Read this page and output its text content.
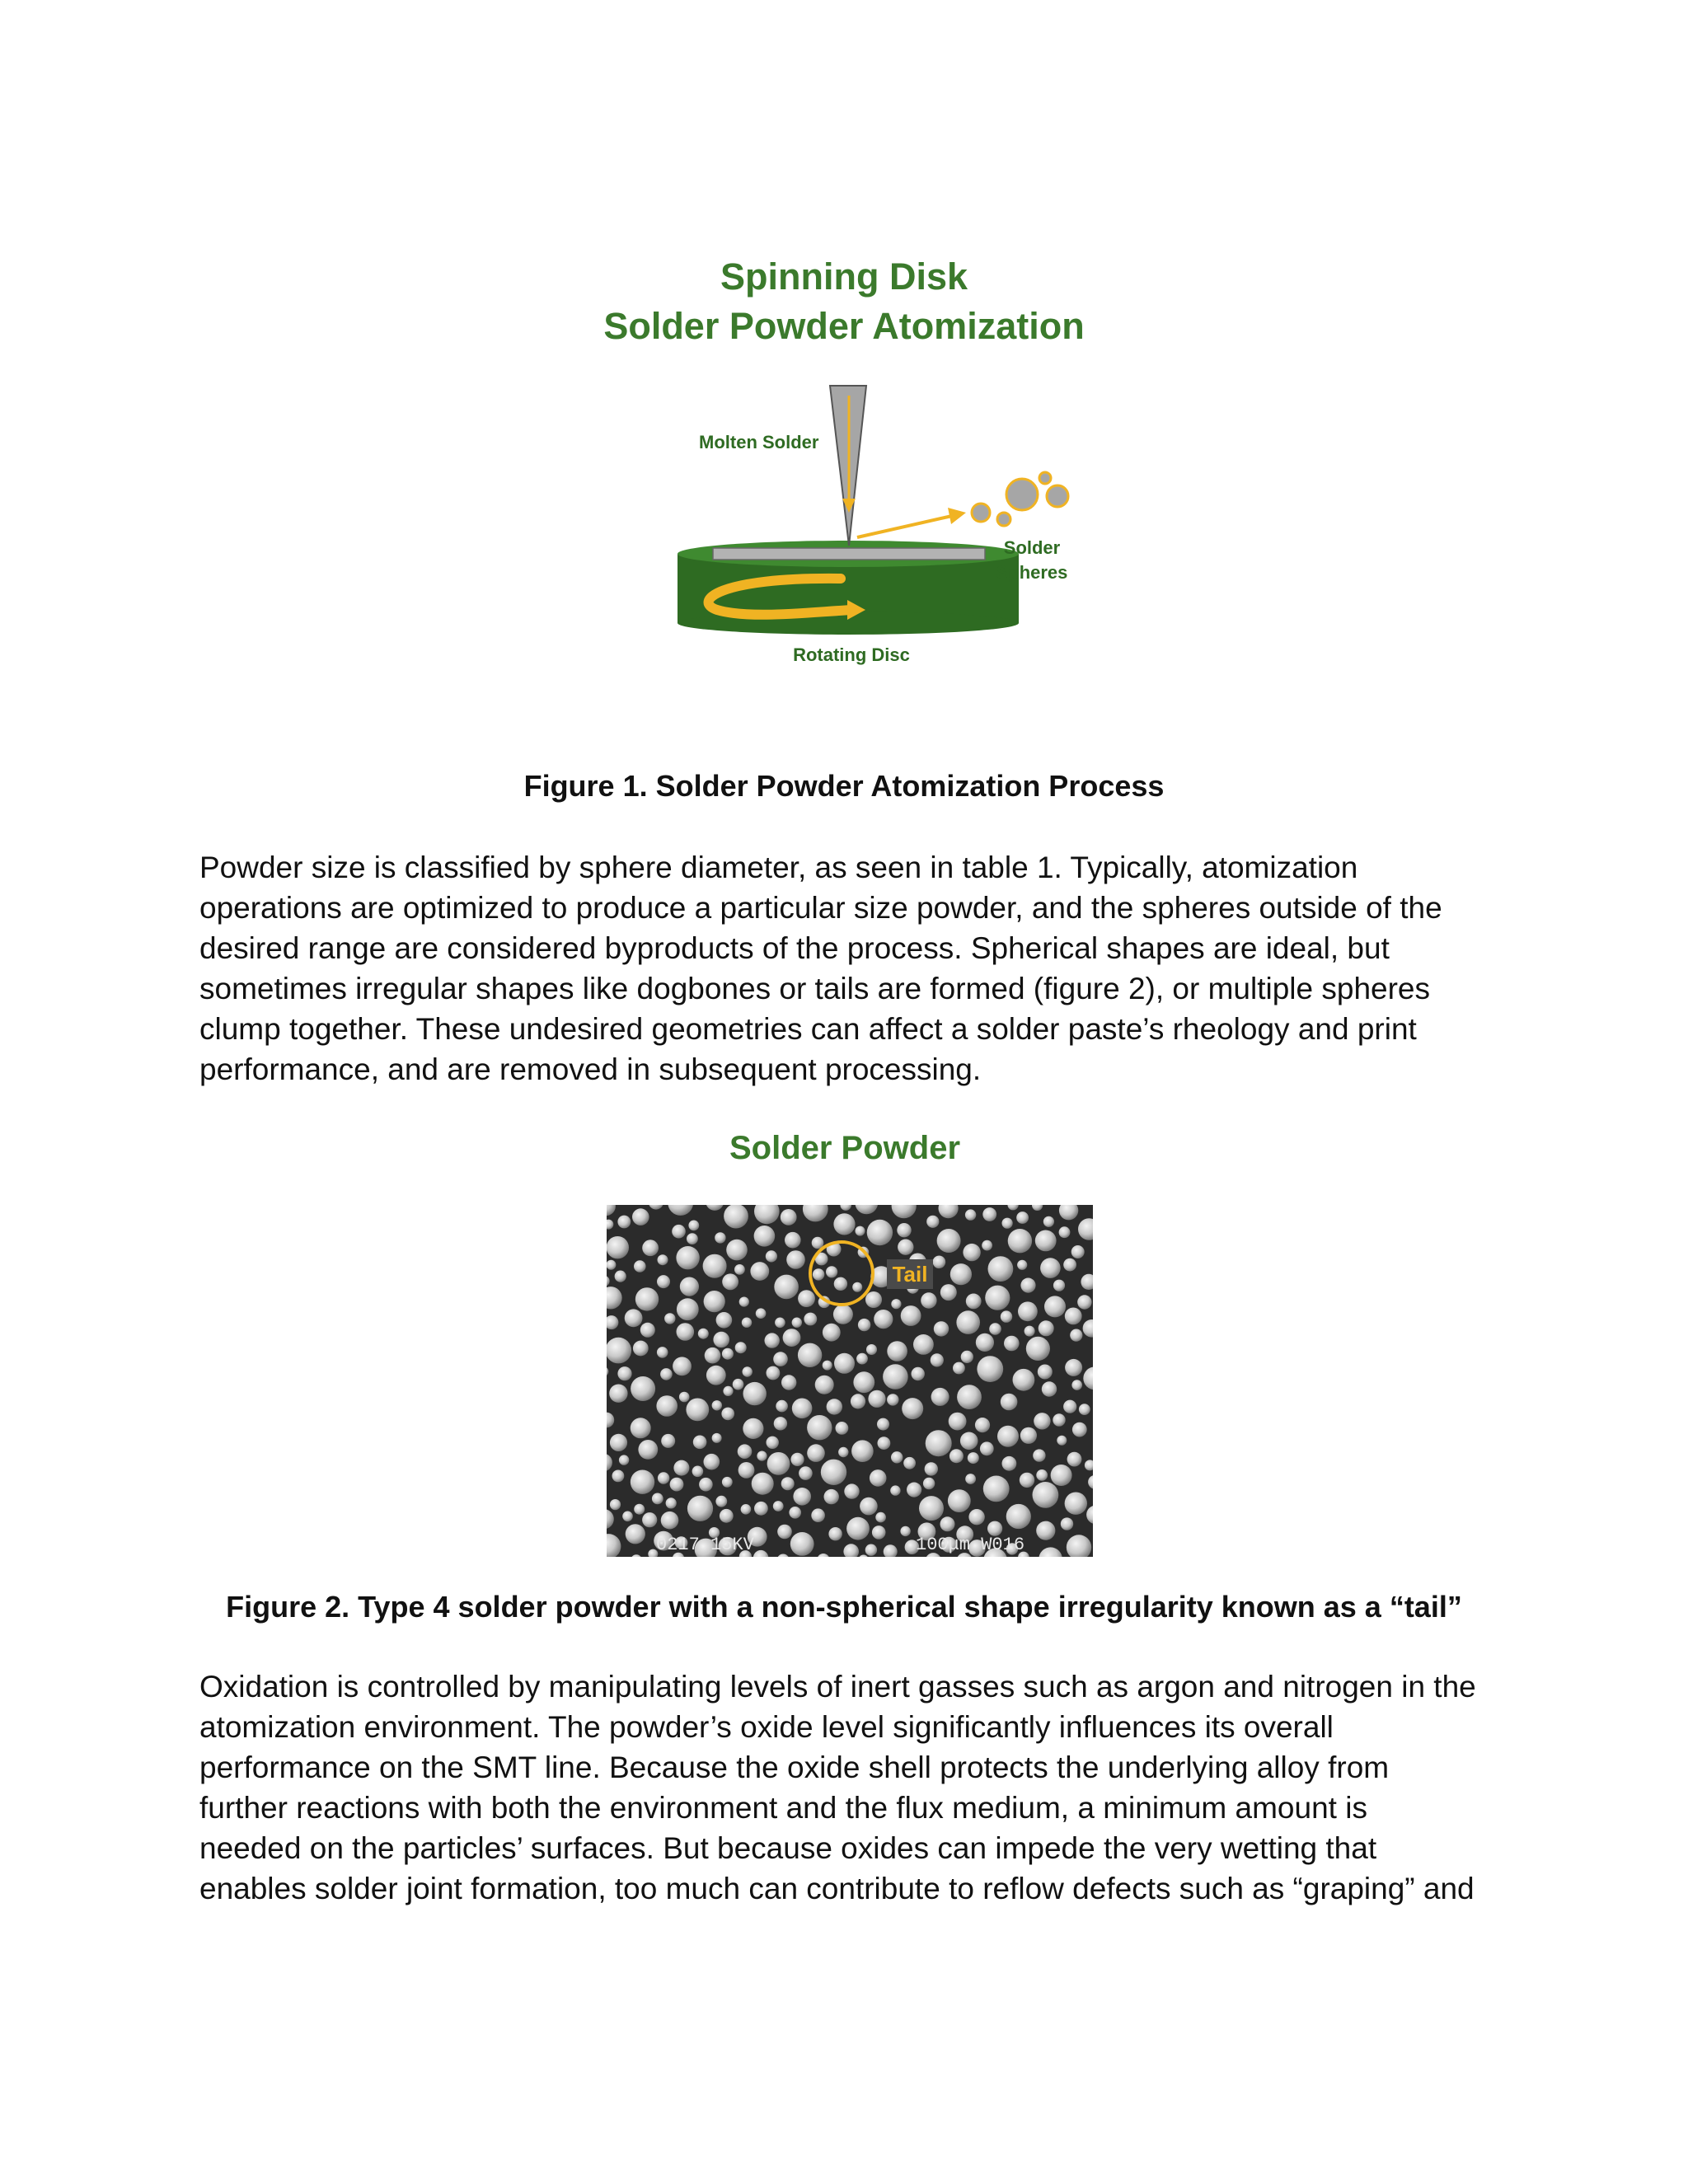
Spinning Disk
Solder Powder Atomization
Molten Solder
Solder
Spheres
Rotating Disc
Figure 1. Solder Powder Atomization Process
Powder size is classified by sphere diameter, as seen in table 1. Typically, atomization
operations are optimized to produce a particular size powder, and the spheres outside of the
desired range are considered byproducts of the process. Spherical shapes are ideal, but
sometimes irregular shapes like dogbones or tails are formed (figure 2), or multiple spheres
clump together. These undesired geometries can affect a solder paste’s rheology and print
performance, and are removed in subsequent processing.
Solder Powder
Tail
0217 15KV	100μm W016
Figure 2. Type 4 solder powder with a non-spherical shape irregularity known as a “tail”
Oxidation is controlled by manipulating levels of inert gasses such as argon and nitrogen in the
atomization environment. The powder’s oxide level significantly influences its overall
performance on the SMT line. Because the oxide shell protects the underlying alloy from
further reactions with both the environment and the flux medium, a minimum amount is
needed on the particles’ surfaces. But because oxides can impede the very wetting that
enables solder joint formation, too much can contribute to reflow defects such as “graping” and
